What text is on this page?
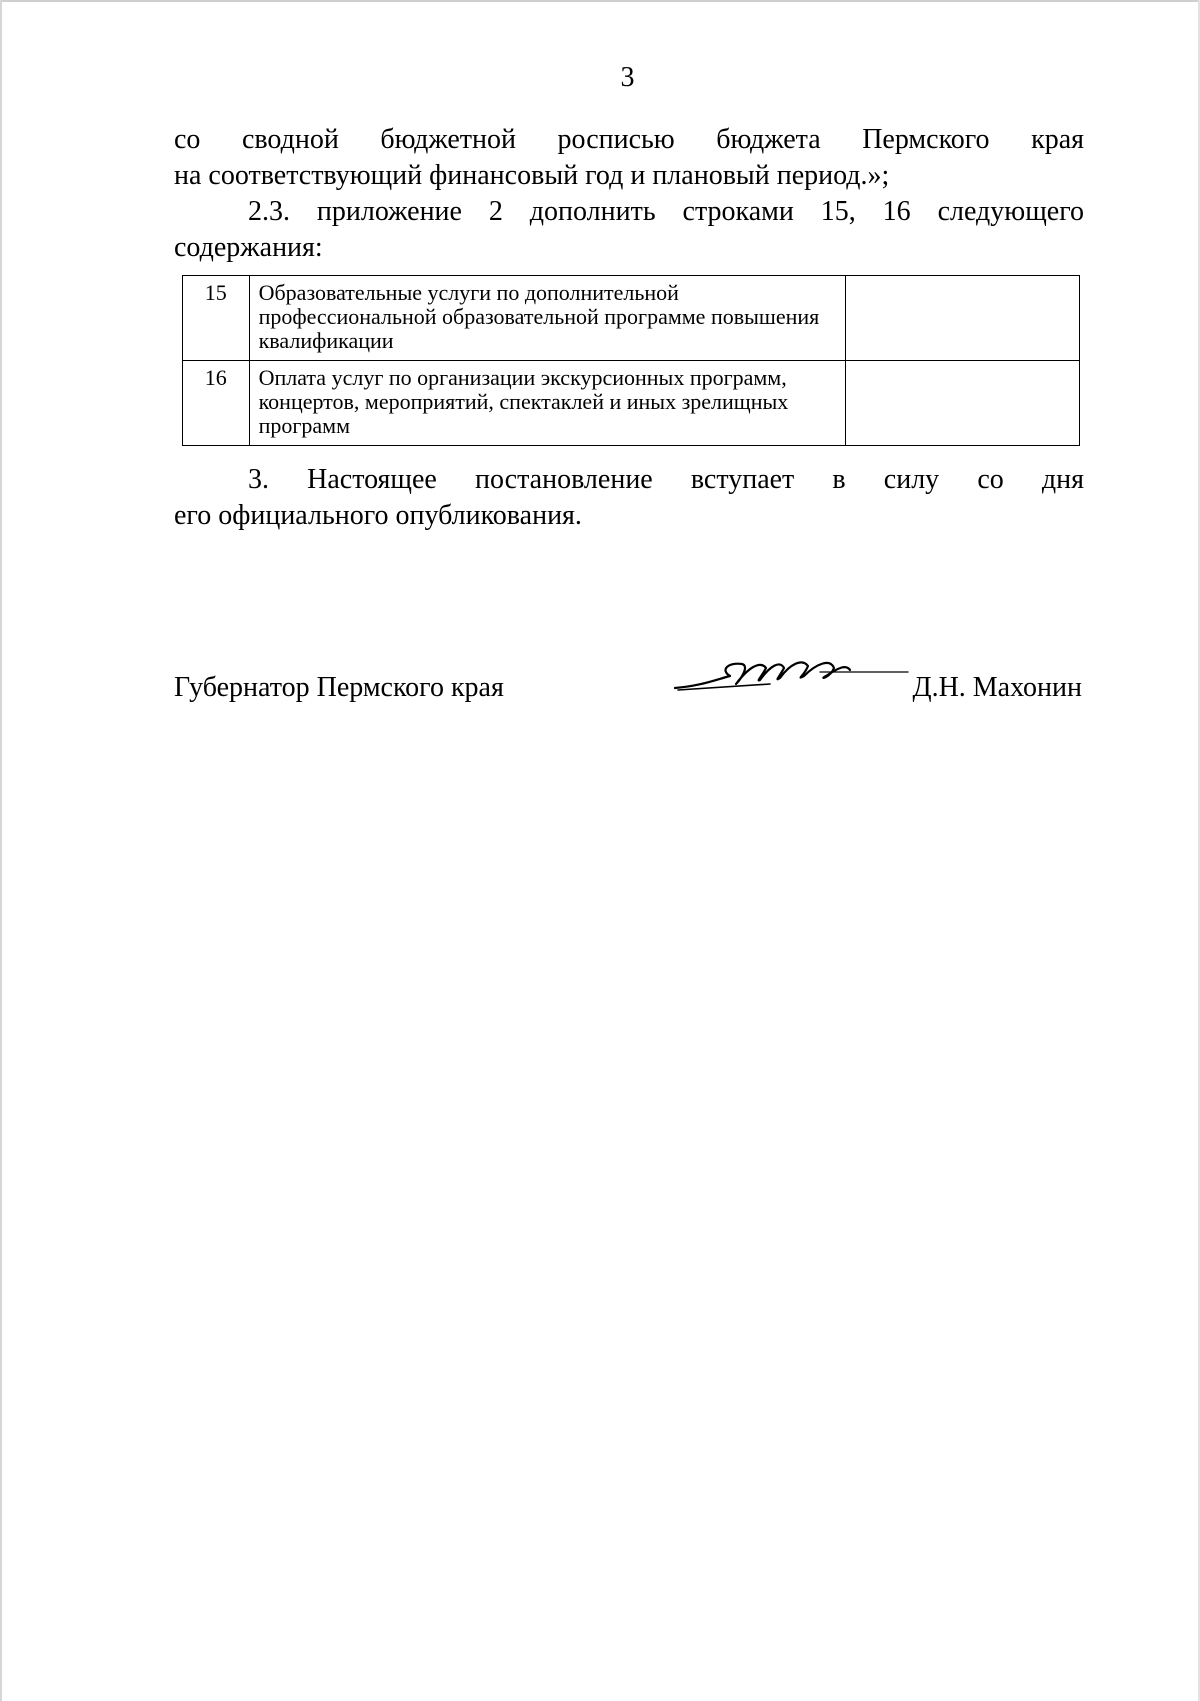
3
со сводной бюджетной росписью бюджета Пермского края
на соответствующий финансовый год и плановый период.»;
2.3. приложение 2 дополнить строками 15, 16 следующего
содержания:
15	Образовательные услуги по дополнительной профессиональной образовательной программе повышения квалификации	
16	Оплата услуг по организации экскурсионных программ, концертов, мероприятий, спектаклей и иных зрелищных программ	
3. Настоящее постановление вступает в силу со дня
его официального опубликования.
Губернатор Пермского края	Д.Н. Махонин
